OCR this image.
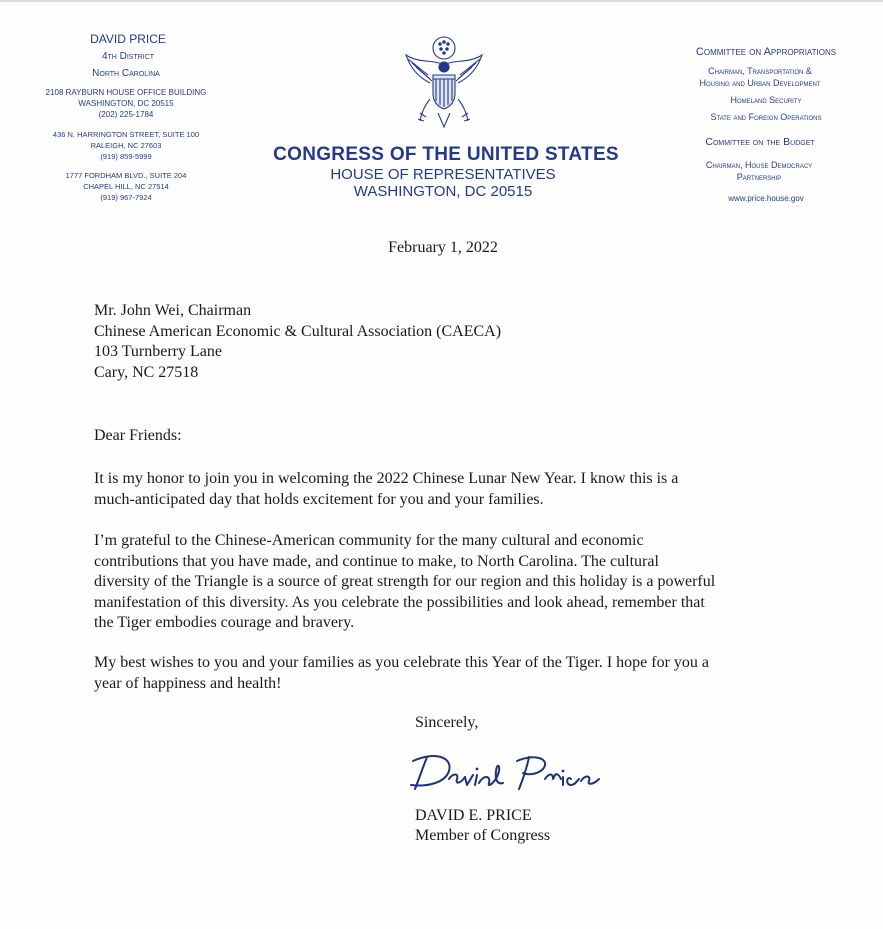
DAVID PRICE
4th District
North Carolina
2108 RAYBURN HOUSE OFFICE BUILDING
WASHINGTON, DC 20515
(202) 225-1784
436 N. HARRINGTON STREET, SUITE 100
RALEIGH, NC 27603
(919) 859-5999
1777 FORDHAM BLVD., SUITE 204
CHAPEL HILL, NC 27514
(919) 967-7924
CONGRESS OF THE UNITED STATES
HOUSE OF REPRESENTATIVES
WASHINGTON, DC 20515
Committee on Appropriations
Chairman, Transportation &
Housing and Urban Development
Homeland Security
State and Foreign Operations
Committee on the Budget
Chairman, House Democracy
Partnership
www.price.house.gov
February 1, 2022
Mr. John Wei, Chairman
Chinese American Economic & Cultural Association (CAECA)
103 Turnberry Lane
Cary, NC 27518
Dear Friends:
It is my honor to join you in welcoming the 2022 Chinese Lunar New Year. I know this is a
much-anticipated day that holds excitement for you and your families.
I’m grateful to the Chinese-American community for the many cultural and economic
contributions that you have made, and continue to make, to North Carolina. The cultural
diversity of the Triangle is a source of great strength for our region and this holiday is a powerful
manifestation of this diversity. As you celebrate the possibilities and look ahead, remember that
the Tiger embodies courage and bravery.
My best wishes to you and your families as you celebrate this Year of the Tiger. I hope for you a
year of happiness and health!
Sincerely,
DAVID E. PRICE
Member of Congress
